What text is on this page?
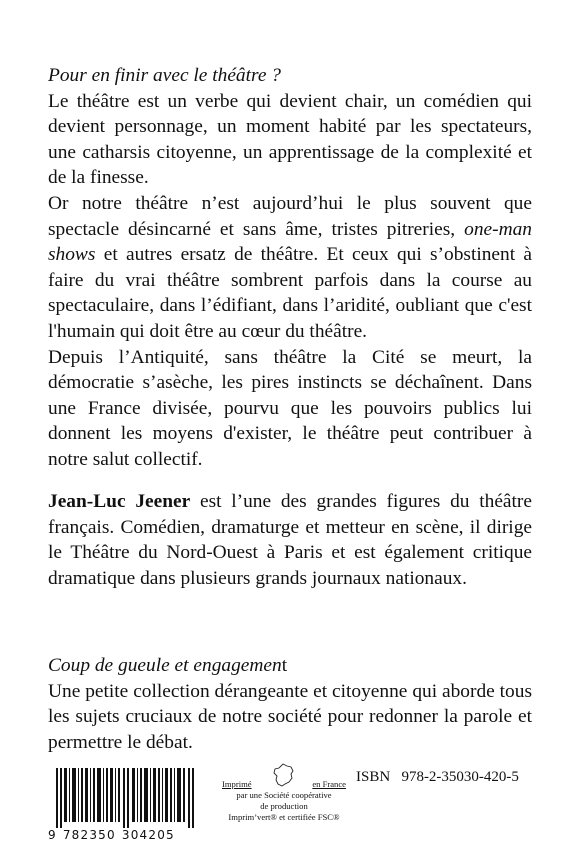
Pour en finir avec le théâtre ?

Le théâtre est un verbe qui devient chair, un comédien qui devient personnage, un moment habité par les spectateurs, une catharsis citoyenne, un apprentissage de la complexité et de la finesse.

Or notre théâtre n’est aujourd’hui le plus souvent que spectacle désincarné et sans âme, tristes pitreries, one-man shows et autres ersatz de théâtre. Et ceux qui s’obstinent à faire du vrai théâtre sombrent parfois dans la course au spectaculaire, dans l’édifiant, dans l’aridité, oubliant que c'est l'humain qui doit être au cœur du théâtre.

Depuis l’Antiquité, sans théâtre la Cité se meurt, la démocratie s’asèche, les pires instincts se déchaînent. Dans une France divisée, pourvu que les pouvoirs publics lui donnent les moyens d'exister, le théâtre peut contribuer à notre salut collectif.

Jean-Luc Jeener est l’une des grandes figures du théâtre français. Comédien, dramaturge et metteur en scène, il dirige le Théâtre du Nord-Ouest à Paris et est également critique dramatique dans plusieurs grands journaux nationaux.

Coup de gueule et engagement

Une petite collection dérangeante et citoyenne qui aborde tous les sujets cruciaux de notre société pour redonner la parole et permettre le débat.

9 782350 304205
Imprimé	en France
par une Société coopérative
de production
Imprim’vert® et certifiée FSC®
ISBN 978-2-35030-420-5
